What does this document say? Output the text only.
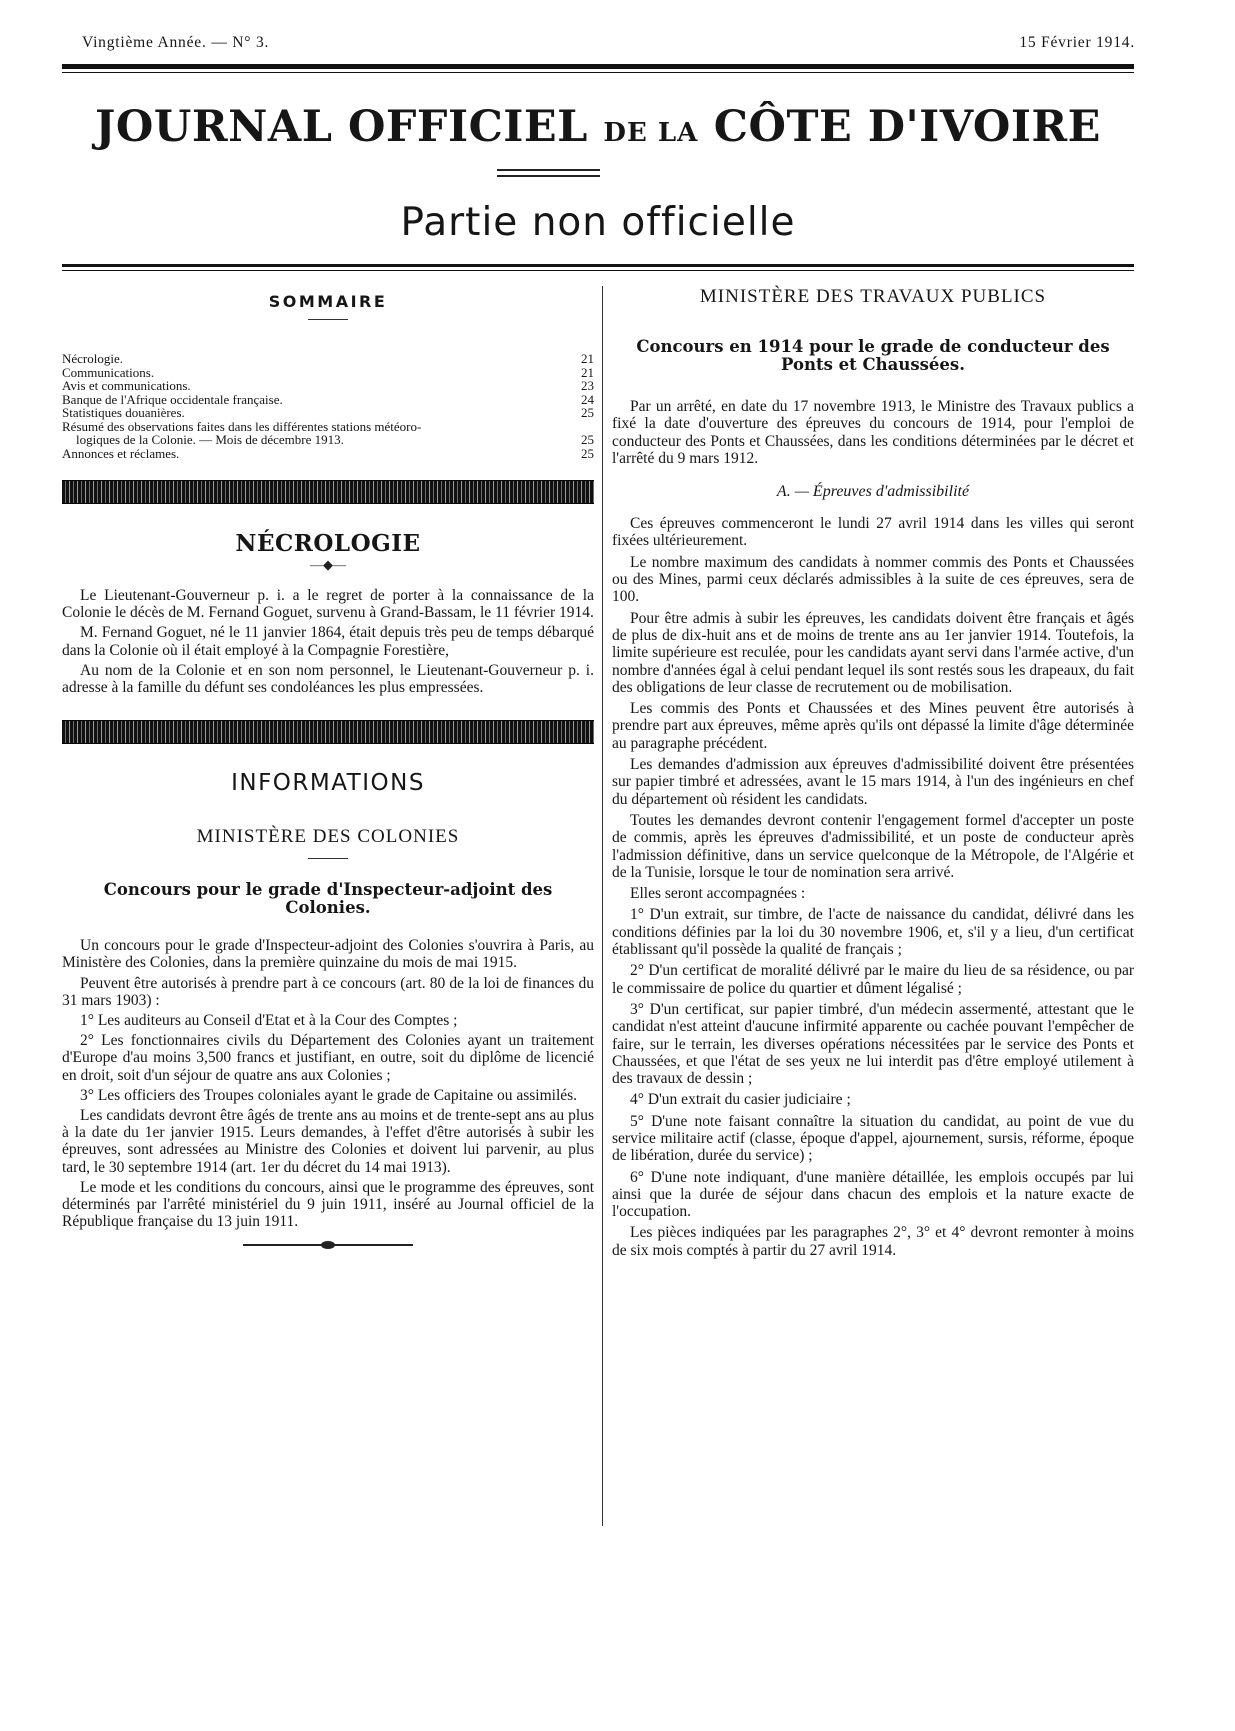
Vingtième Année. — N° 3.	15 Février 1914.
JOURNAL OFFICIEL DE LA CÔTE D'IVOIRE
Partie non officielle
SOMMAIRE
Nécrologie.	21
Communications.	21
Avis et communications.	23
Banque de l'Afrique occidentale française.	24
Statistiques douanières.	25
Résumé des observations faites dans les différentes stations météoro-
logiques de la Colonie. — Mois de décembre 1913.	25
Annonces et réclames.	25
NÉCROLOGIE
—◆—

Le Lieutenant-Gouverneur p. i. a le regret de porter à la connaissance de la Colonie le décès de M. Fernand Goguet, survenu à Grand-Bassam, le 11 février 1914.

M. Fernand Goguet, né le 11 janvier 1864, était depuis très peu de temps débarqué dans la Colonie où il était employé à la Compagnie Forestière,

Au nom de la Colonie et en son nom personnel, le Lieutenant-Gouverneur p. i. adresse à la famille du défunt ses condoléances les plus empressées.

INFORMATIONS
MINISTÈRE DES COLONIES
Concours pour le grade d'Inspecteur-adjoint des Colonies.

Un concours pour le grade d'Inspecteur-adjoint des Colonies s'ouvrira à Paris, au Ministère des Colonies, dans la première quinzaine du mois de mai 1915.

Peuvent être autorisés à prendre part à ce concours (art. 80 de la loi de finances du 31 mars 1903) :

1° Les auditeurs au Conseil d'Etat et à la Cour des Comptes ;

2° Les fonctionnaires civils du Département des Colonies ayant un traitement d'Europe d'au moins 3,500 francs et justifiant, en outre, soit du diplôme de licencié en droit, soit d'un séjour de quatre ans aux Colonies ;

3° Les officiers des Troupes coloniales ayant le grade de Capitaine ou assimilés.

Les candidats devront être âgés de trente ans au moins et de trente-sept ans au plus à la date du 1er janvier 1915. Leurs demandes, à l'effet d'être autorisés à subir les épreuves, sont adressées au Ministre des Colonies et doivent lui parvenir, au plus tard, le 30 septembre 1914 (art. 1er du décret du 14 mai 1913).

Le mode et les conditions du concours, ainsi que le programme des épreuves, sont déterminés par l'arrêté ministériel du 9 juin 1911, inséré au Journal officiel de la République française du 13 juin 1911.

MINISTÈRE DES TRAVAUX PUBLICS
Concours en 1914 pour le grade de conducteur des Ponts et Chaussées.

Par un arrêté, en date du 17 novembre 1913, le Ministre des Travaux publics a fixé la date d'ouverture des épreuves du concours de 1914, pour l'emploi de conducteur des Ponts et Chaussées, dans les conditions déterminées par le décret et l'arrêté du 9 mars 1912.

A. — Épreuves d'admissibilité

Ces épreuves commenceront le lundi 27 avril 1914 dans les villes qui seront fixées ultérieurement.

Le nombre maximum des candidats à nommer commis des Ponts et Chaussées ou des Mines, parmi ceux déclarés admissibles à la suite de ces épreuves, sera de 100.

Pour être admis à subir les épreuves, les candidats doivent être français et âgés de plus de dix-huit ans et de moins de trente ans au 1er janvier 1914. Toutefois, la limite supérieure est reculée, pour les candidats ayant servi dans l'armée active, d'un nombre d'années égal à celui pendant lequel ils sont restés sous les drapeaux, du fait des obligations de leur classe de recrutement ou de mobilisation.

Les commis des Ponts et Chaussées et des Mines peuvent être autorisés à prendre part aux épreuves, même après qu'ils ont dépassé la limite d'âge déterminée au paragraphe précédent.

Les demandes d'admission aux épreuves d'admissibilité doivent être présentées sur papier timbré et adressées, avant le 15 mars 1914, à l'un des ingénieurs en chef du département où résident les candidats.

Toutes les demandes devront contenir l'engagement formel d'accepter un poste de commis, après les épreuves d'admissibilité, et un poste de conducteur après l'admission définitive, dans un service quelconque de la Métropole, de l'Algérie et de la Tunisie, lorsque le tour de nomination sera arrivé.

Elles seront accompagnées :

1° D'un extrait, sur timbre, de l'acte de naissance du candidat, délivré dans les conditions définies par la loi du 30 novembre 1906, et, s'il y a lieu, d'un certificat établissant qu'il possède la qualité de français ;

2° D'un certificat de moralité délivré par le maire du lieu de sa résidence, ou par le commissaire de police du quartier et dûment légalisé ;

3° D'un certificat, sur papier timbré, d'un médecin assermenté, attestant que le candidat n'est atteint d'aucune infirmité apparente ou cachée pouvant l'empêcher de faire, sur le terrain, les diverses opérations nécessitées par le service des Ponts et Chaussées, et que l'état de ses yeux ne lui interdit pas d'être employé utilement à des travaux de dessin ;

4° D'un extrait du casier judiciaire ;

5° D'une note faisant connaître la situation du candidat, au point de vue du service militaire actif (classe, époque d'appel, ajournement, sursis, réforme, époque de libération, durée du service) ;

6° D'une note indiquant, d'une manière détaillée, les emplois occupés par lui ainsi que la durée de séjour dans chacun des emplois et la nature exacte de l'occupation.

Les pièces indiquées par les paragraphes 2°, 3° et 4° devront remonter à moins de six mois comptés à partir du 27 avril 1914.
